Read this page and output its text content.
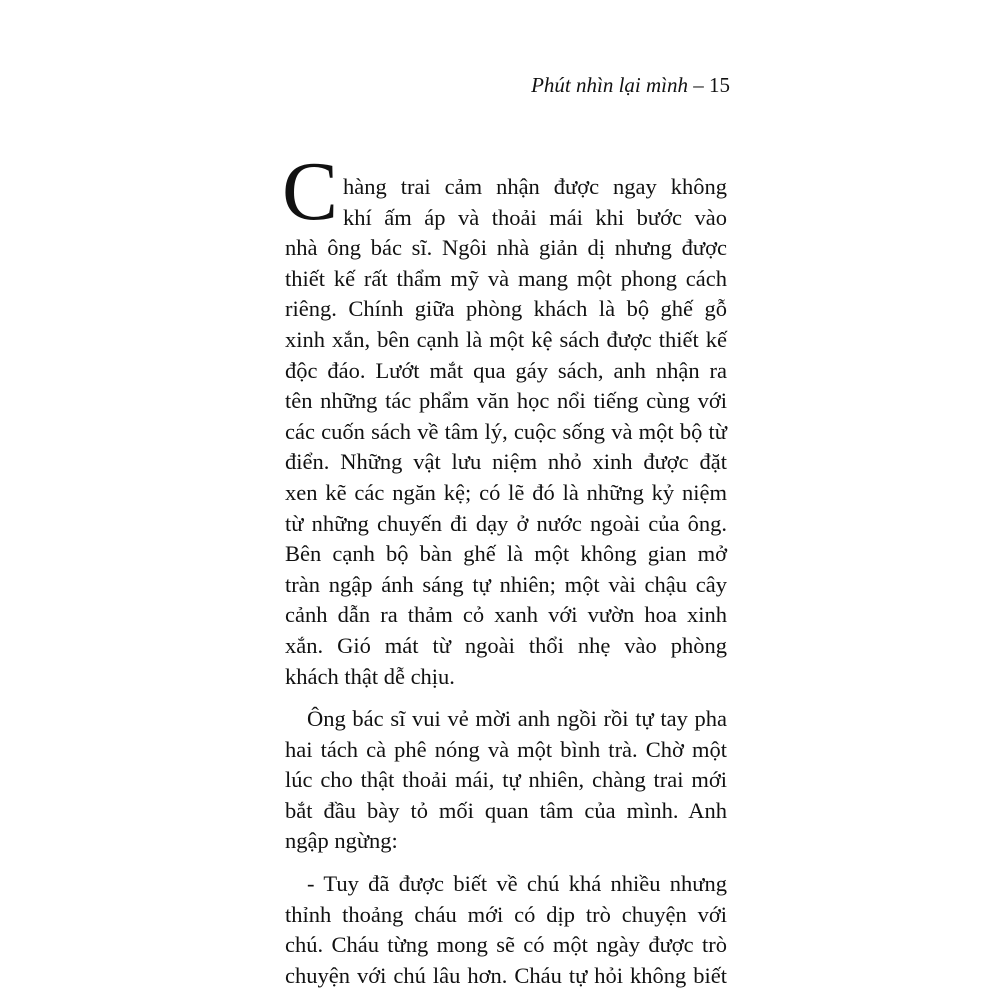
Phút nhìn lại mình – 15
C hàng trai cảm nhận được ngay không
khí ấm áp và thoải mái khi bước vào
nhà ông bác sĩ. Ngôi nhà giản dị nhưng được
thiết kế rất thẩm mỹ và mang một phong cách
riêng. Chính giữa phòng khách là bộ ghế gỗ
xinh xắn, bên cạnh là một kệ sách được thiết kế
độc đáo. Lướt mắt qua gáy sách, anh nhận ra
tên những tác phẩm văn học nổi tiếng cùng với
các cuốn sách về tâm lý, cuộc sống và một bộ từ
điển. Những vật lưu niệm nhỏ xinh được đặt
xen kẽ các ngăn kệ; có lẽ đó là những kỷ niệm
từ những chuyến đi dạy ở nước ngoài của ông.
Bên cạnh bộ bàn ghế là một không gian mở
tràn ngập ánh sáng tự nhiên; một vài chậu cây
cảnh dẫn ra thảm cỏ xanh với vườn hoa xinh
xắn. Gió mát từ ngoài thổi nhẹ vào phòng
khách thật dễ chịu.
Ông bác sĩ vui vẻ mời anh ngồi rồi tự tay pha
hai tách cà phê nóng và một bình trà. Chờ một
lúc cho thật thoải mái, tự nhiên, chàng trai mới
bắt đầu bày tỏ mối quan tâm của mình. Anh
ngập ngừng:
- Tuy đã được biết về chú khá nhiều nhưng
thỉnh thoảng cháu mới có dịp trò chuyện với
chú. Cháu từng mong sẽ có một ngày được trò
chuyện với chú lâu hơn. Cháu tự hỏi không biết
